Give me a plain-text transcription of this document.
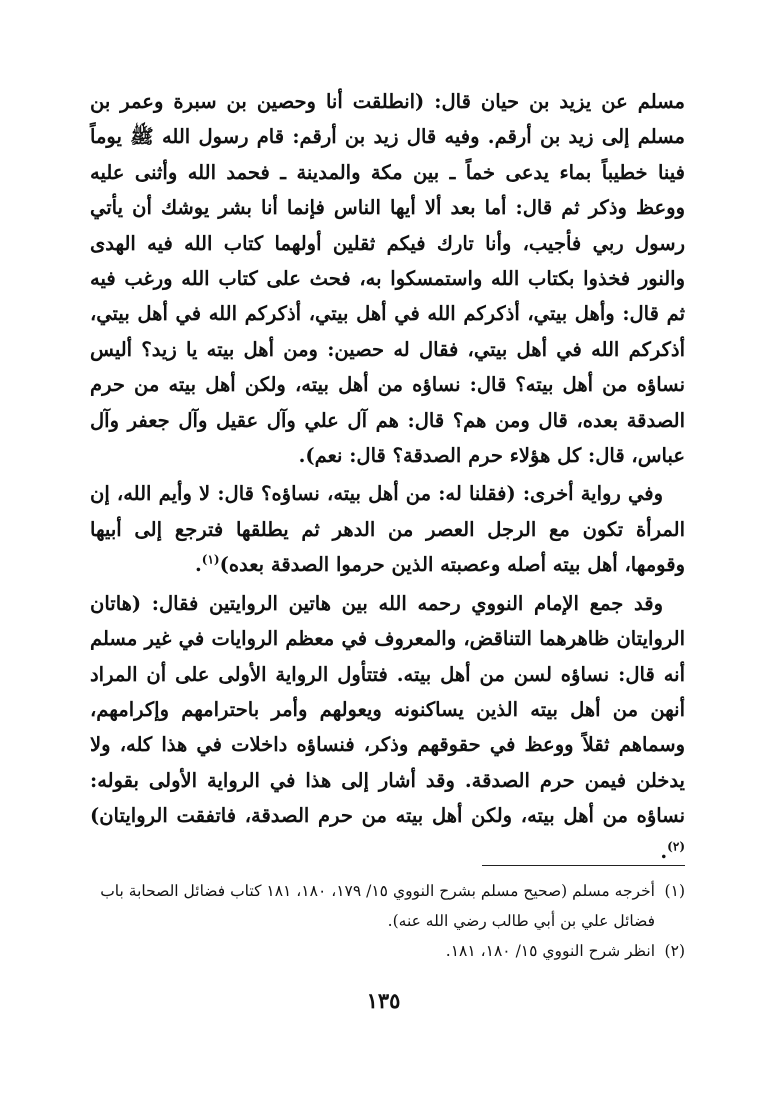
مسلم عن يزيد بن حيان قال: (انطلقت أنا وحصين بن سبرة وعمر بن مسلم إلى زيد بن أرقم. وفيه قال زيد بن أرقم: قام رسول الله ﷺ يوماً فينا خطيباً بماء يدعى خماً ـ بين مكة والمدينة ـ فحمد الله وأثنى عليه ووعظ وذكر ثم قال: أما بعد ألا أيها الناس فإنما أنا بشر يوشك أن يأتي رسول ربي فأجيب، وأنا تارك فيكم ثقلين أولهما كتاب الله فيه الهدى والنور فخذوا بكتاب الله واستمسكوا به، فحث على كتاب الله ورغب فيه ثم قال: وأهل بيتي، أذكركم الله في أهل بيتي، أذكركم الله في أهل بيتي، أذكركم الله في أهل بيتي، فقال له حصين: ومن أهل بيته يا زيد؟ أليس نساؤه من أهل بيته؟ قال: نساؤه من أهل بيته، ولكن أهل بيته من حرم الصدقة بعده، قال ومن هم؟ قال: هم آل علي وآل عقيل وآل جعفر وآل عباس، قال: كل هؤلاء حرم الصدقة؟ قال: نعم).

وفي رواية أخرى: (فقلنا له: من أهل بيته، نساؤه؟ قال: لا وأيم الله، إن المرأة تكون مع الرجل العصر من الدهر ثم يطلقها فترجع إلى أبيها وقومها، أهل بيته أصله وعصبته الذين حرموا الصدقة بعده)$^{(١)}$.

وقد جمع الإمام النووي رحمه الله بين هاتين الروايتين فقال: (هاتان الروايتان ظاهرهما التناقض، والمعروف في معظم الروايات في غير مسلم أنه قال: نساؤه لسن من أهل بيته. فتتأول الرواية الأولى على أن المراد أنهن من أهل بيته الذين يساكنونه ويعولهم وأمر باحترامهم وإكرامهم، وسماهم ثقلاً ووعظ في حقوقهم وذكر، فنساؤه داخلات في هذا كله، ولا يدخلن فيمن حرم الصدقة. وقد أشار إلى هذا في الرواية الأولى بقوله: نساؤه من أهل بيته، ولكن أهل بيته من حرم الصدقة، فاتفقت الروايتان)$^{(٢)}$.

(١)
أخرجه مسلم (صحيح مسلم بشرح النووي ١٥/ ١٧٩، ١٨٠، ١٨١ كتاب فضائل الصحابة باب فضائل علي بن أبي طالب رضي الله عنه).
(٢)
انظر شرح النووي ١٥/ ١٨٠، ١٨١.
١٣٥
